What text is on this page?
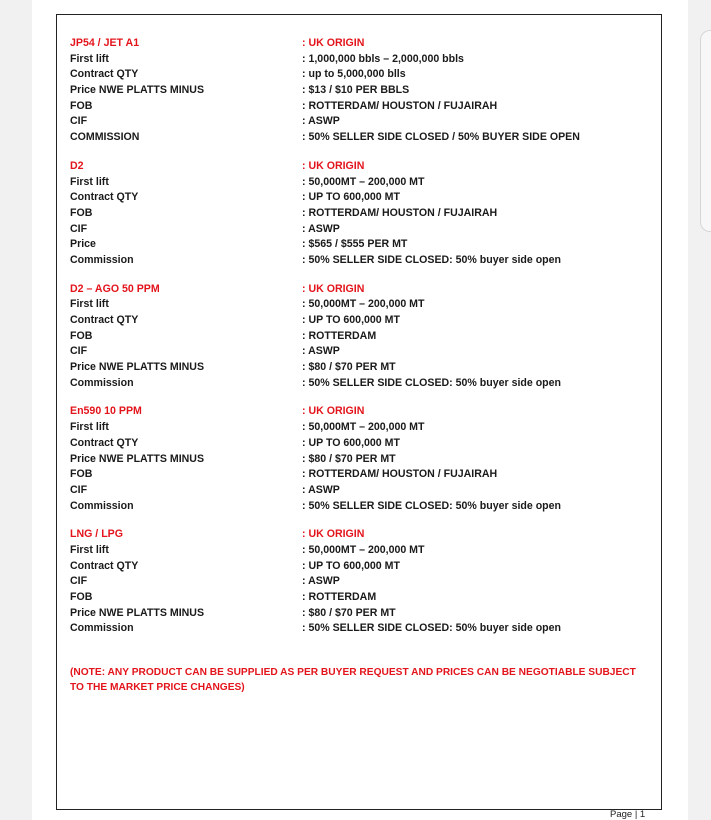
JP54 / JET A1	: UK ORIGIN
First lift	: 1,000,000 bbls – 2,000,000 bbls
Contract QTY	: up to 5,000,000 blls
Price NWE PLATTS MINUS	: $13 / $10 PER BBLS
FOB	: ROTTERDAM/ HOUSTON / FUJAIRAH
CIF	: ASWP
COMMISSION	: 50% SELLER SIDE CLOSED / 50% BUYER SIDE OPEN
D2	: UK ORIGIN
First lift	: 50,000MT – 200,000 MT
Contract QTY	: UP TO 600,000 MT
FOB	: ROTTERDAM/ HOUSTON / FUJAIRAH
CIF	: ASWP
Price	: $565 / $555 PER MT
Commission	: 50% SELLER SIDE CLOSED: 50% buyer side open
D2 – AGO 50 PPM	: UK ORIGIN
First lift	: 50,000MT – 200,000 MT
Contract QTY	: UP TO 600,000 MT
FOB	: ROTTERDAM
CIF	: ASWP
Price NWE PLATTS MINUS	: $80 / $70 PER MT
Commission	: 50% SELLER SIDE CLOSED: 50% buyer side open
En590 10 PPM	: UK ORIGIN
First lift	: 50,000MT – 200,000 MT
Contract QTY	: UP TO 600,000 MT
Price NWE PLATTS MINUS	: $80 / $70 PER MT
FOB	: ROTTERDAM/ HOUSTON / FUJAIRAH
CIF	: ASWP
Commission	: 50% SELLER SIDE CLOSED: 50% buyer side open
LNG / LPG	: UK ORIGIN
First lift	: 50,000MT – 200,000 MT
Contract QTY	: UP TO 600,000 MT
CIF	: ASWP
FOB	: ROTTERDAM
Price NWE PLATTS MINUS	: $80 / $70 PER MT
Commission	: 50% SELLER SIDE CLOSED: 50% buyer side open
(NOTE: ANY PRODUCT CAN BE SUPPLIED AS PER BUYER REQUEST AND PRICES CAN BE NEGOTIABLE SUBJECT TO THE MARKET PRICE CHANGES)
Page | 1
